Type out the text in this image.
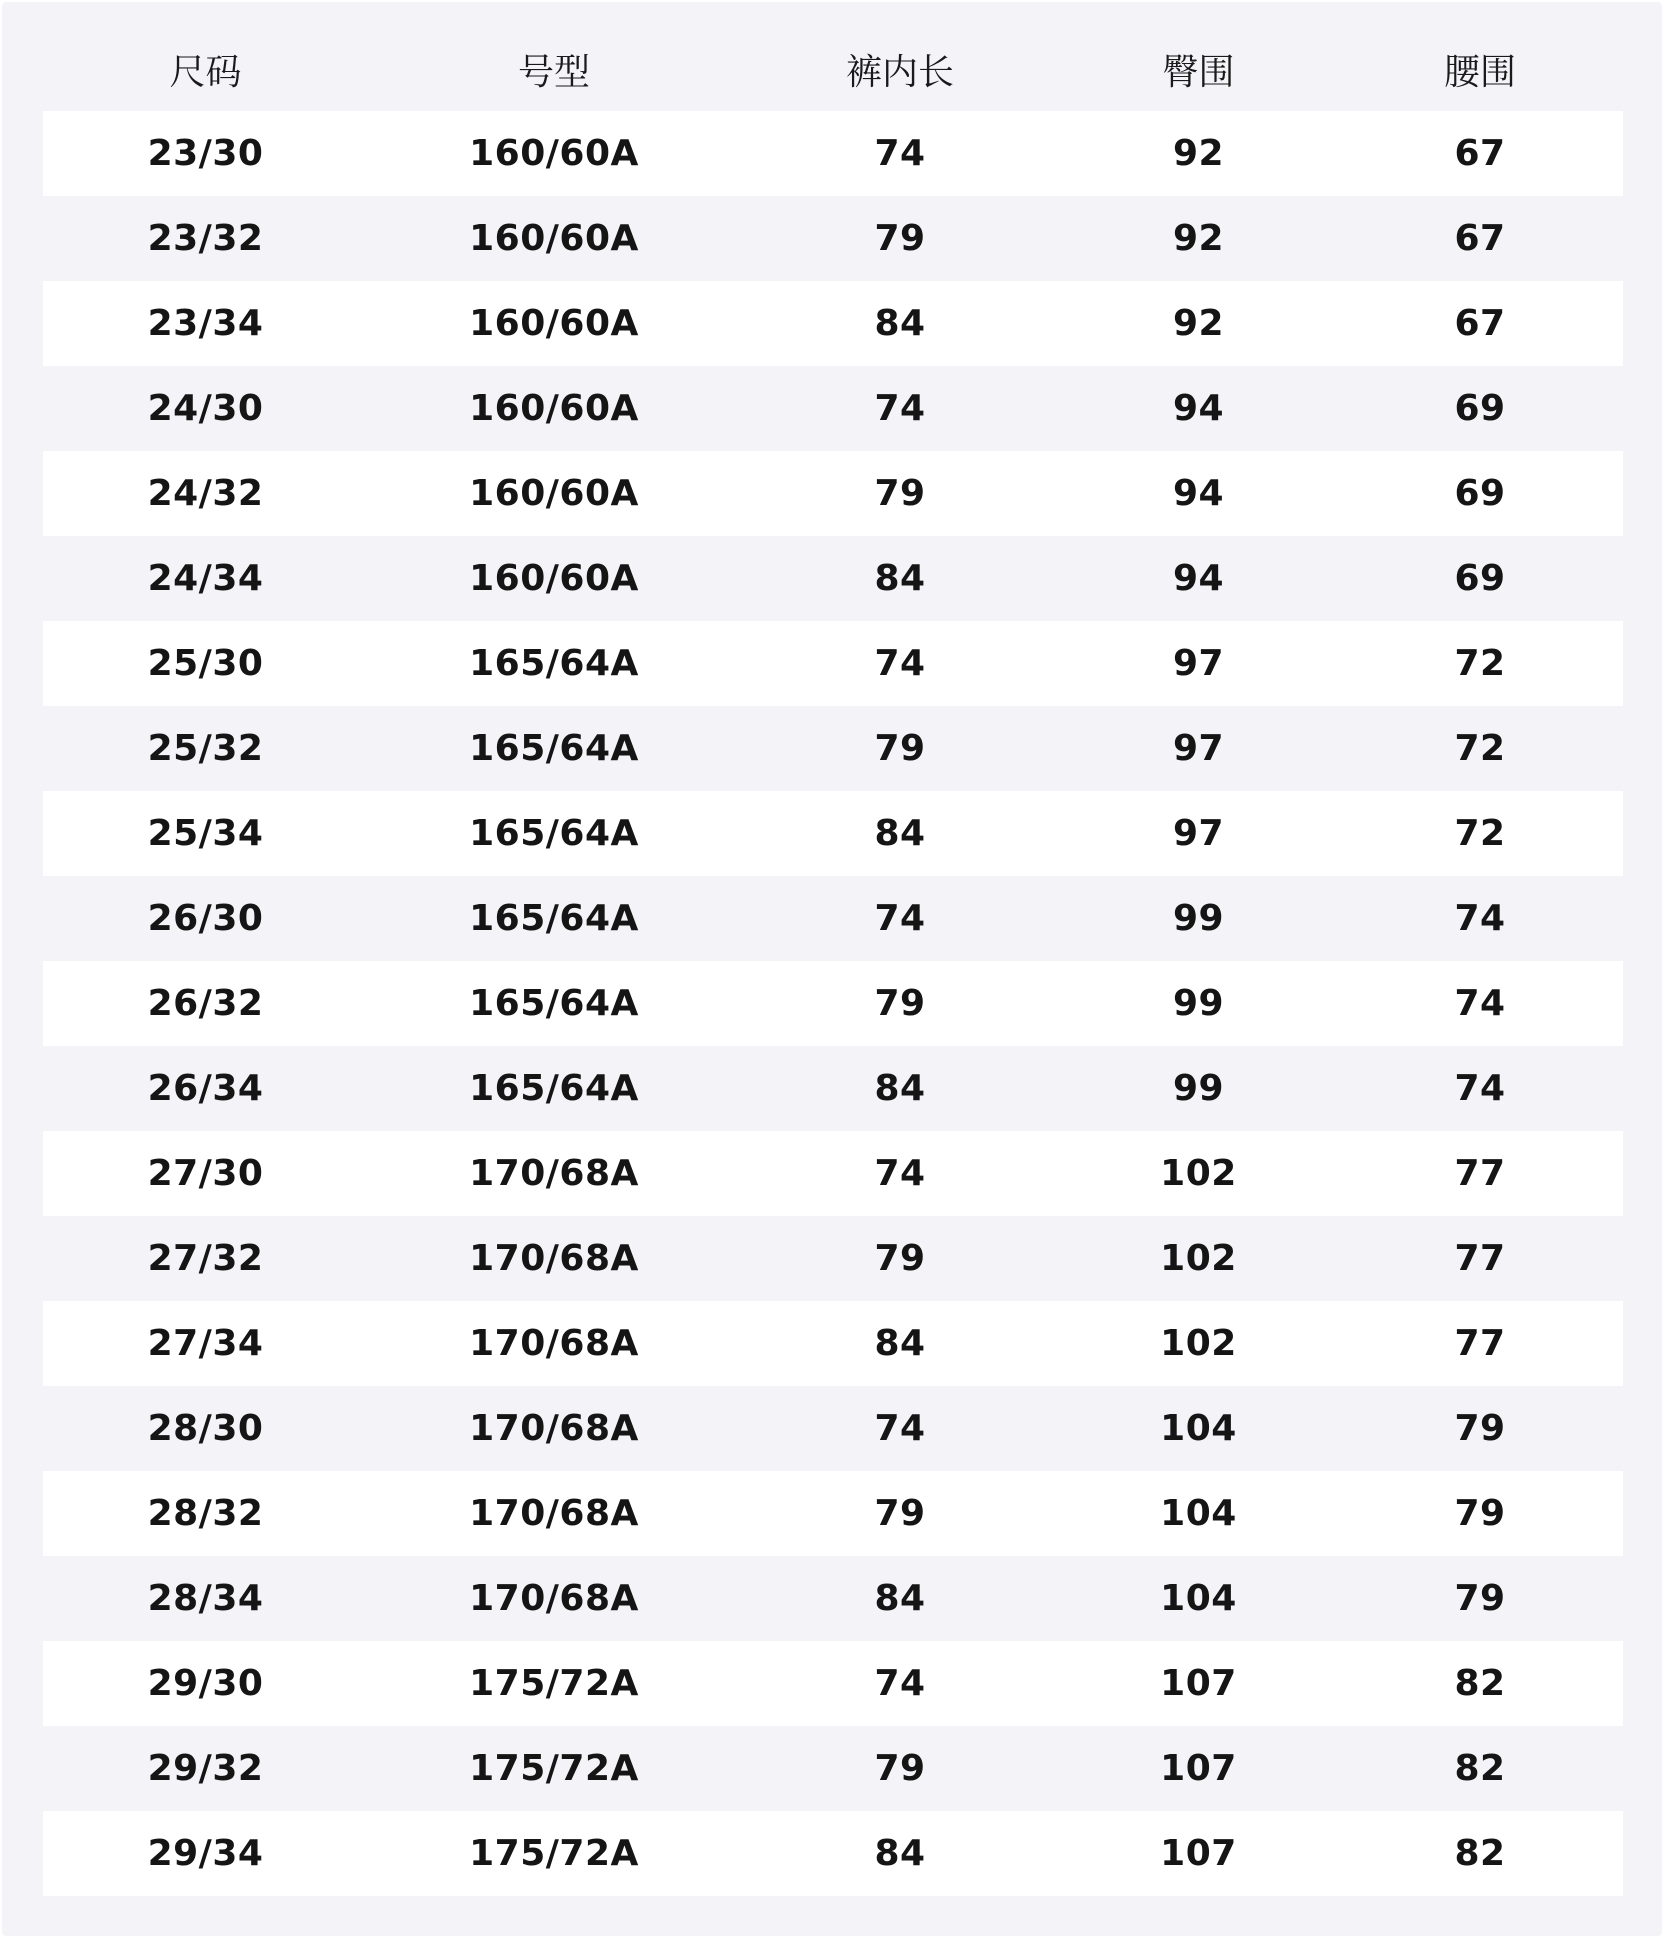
尺码	号型	裤内长	臀围	腰围
23/30	160/60A	74	92	67
23/32	160/60A	79	92	67
23/34	160/60A	84	92	67
24/30	160/60A	74	94	69
24/32	160/60A	79	94	69
24/34	160/60A	84	94	69
25/30	165/64A	74	97	72
25/32	165/64A	79	97	72
25/34	165/64A	84	97	72
26/30	165/64A	74	99	74
26/32	165/64A	79	99	74
26/34	165/64A	84	99	74
27/30	170/68A	74	102	77
27/32	170/68A	79	102	77
27/34	170/68A	84	102	77
28/30	170/68A	74	104	79
28/32	170/68A	79	104	79
28/34	170/68A	84	104	79
29/30	175/72A	74	107	82
29/32	175/72A	79	107	82
29/34	175/72A	84	107	82
